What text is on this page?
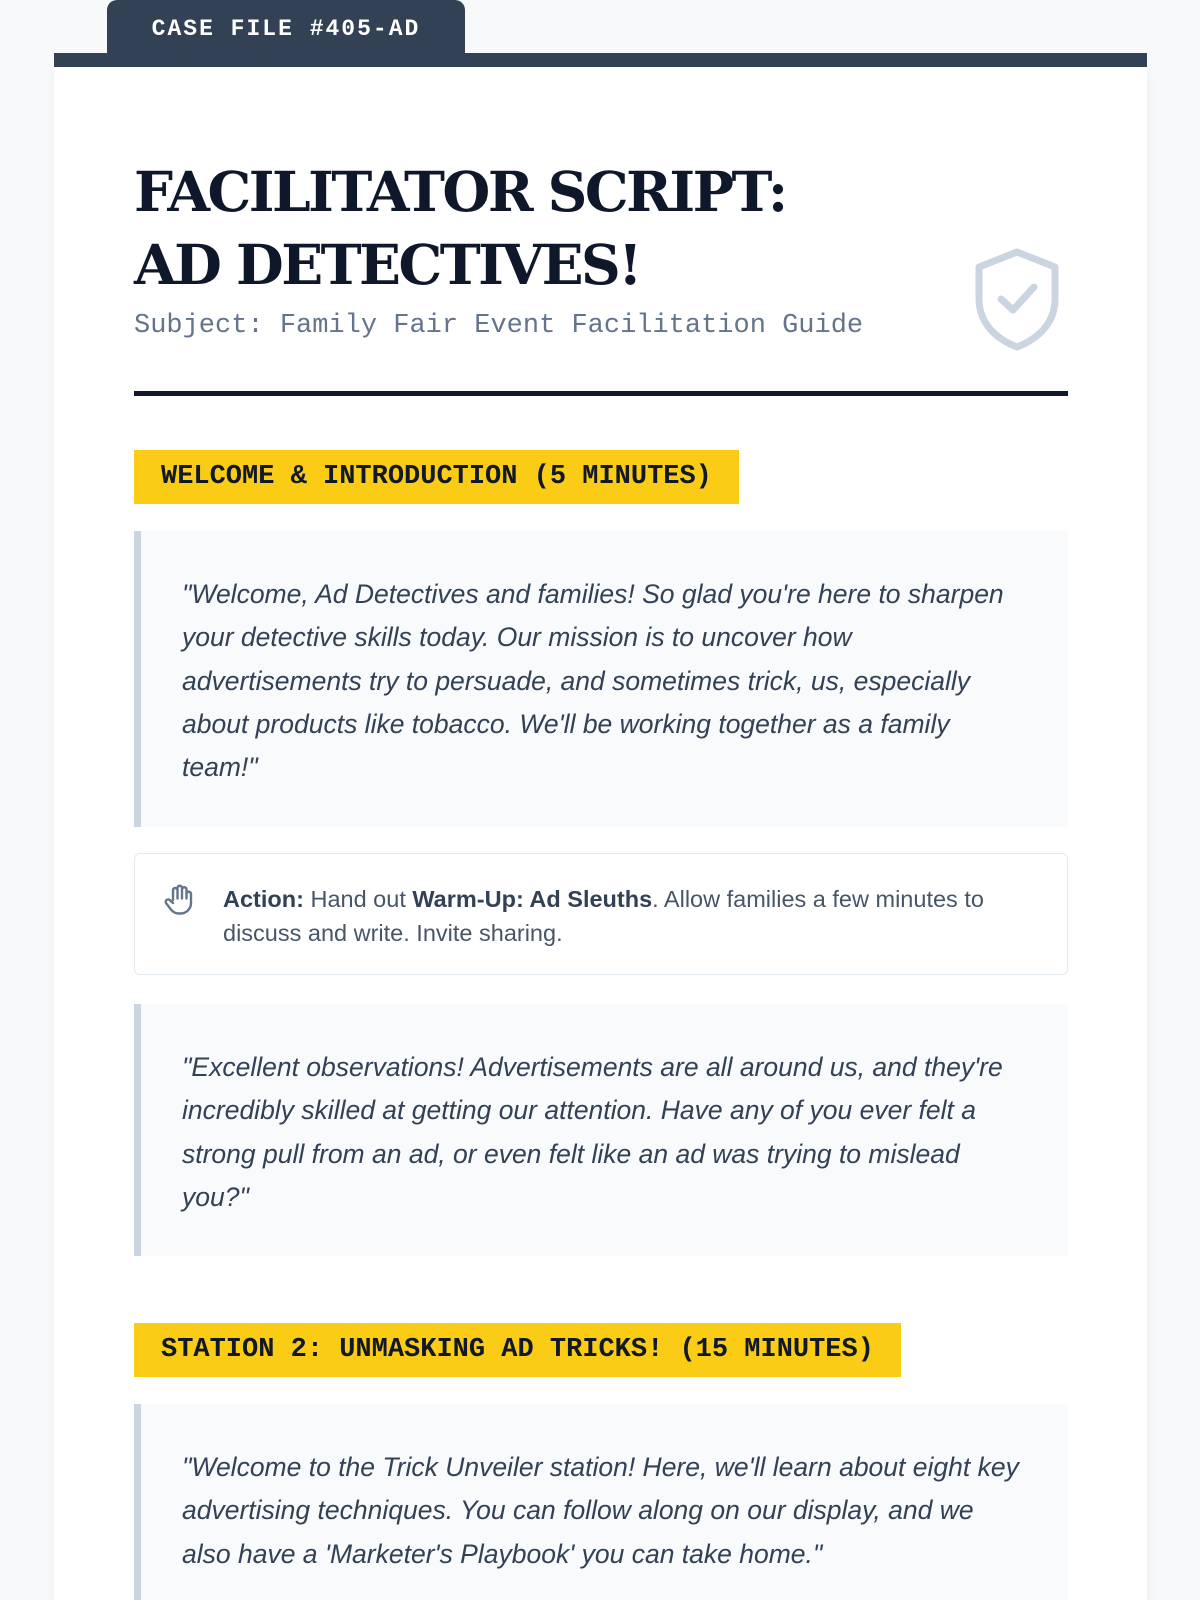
CASE FILE #405-AD
FACILITATOR SCRIPT:
AD DETECTIVES!
Subject: Family Fair Event Facilitation Guide
WELCOME & INTRODUCTION (5 MINUTES)

"Welcome, Ad Detectives and families! So glad you're here to sharpen your detective skills today. Our mission is to uncover how advertisements try to persuade, and sometimes trick, us, especially about products like tobacco. We'll be working together as a family team!"

Action: Hand out Warm-Up: Ad Sleuths. Allow families a few minutes to discuss and write. Invite sharing.

"Excellent observations! Advertisements are all around us, and they're incredibly skilled at getting our attention. Have any of you ever felt a strong pull from an ad, or even felt like an ad was trying to mislead you?"

STATION 2: UNMASKING AD TRICKS! (15 MINUTES)

"Welcome to the Trick Unveiler station! Here, we'll learn about eight key advertising techniques. You can follow along on our display, and we also have a 'Marketer's Playbook' you can take home."
